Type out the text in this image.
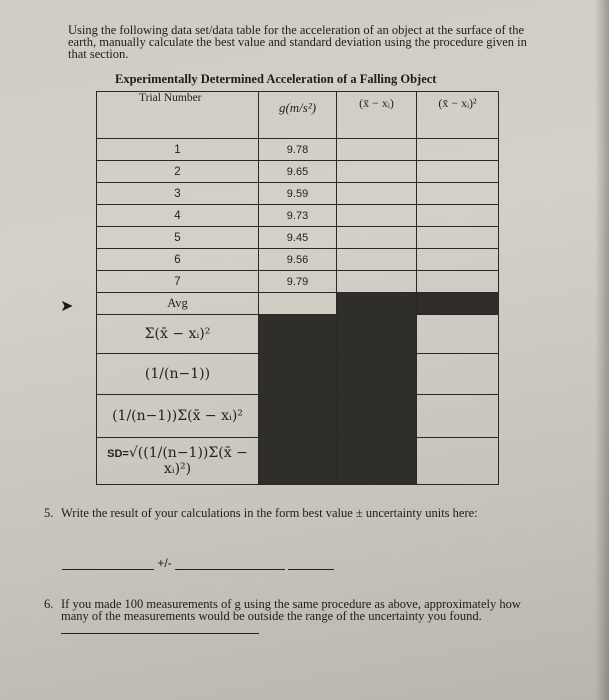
Using the following data set/data table for the acceleration of an object at the surface of the earth, manually calculate the best value and standard deviation using the procedure given in that section.
Experimentally Determined Acceleration of a Falling Object
➤
Trial Number	g(m/s²)	(x̄ − xᵢ)	(x̄ − xᵢ)²
1	9.78		
2	9.65		
3	9.59		
4	9.73		
5	9.45		
6	9.56		
7	9.79		
Avg			
Σ(x̄ − xᵢ)²			
(1/(n−1))			
(1/(n−1))Σ(x̄ − xᵢ)²			
SD=√((1/(n−1))Σ(x̄ − xᵢ)²)			
5. Write the result of your calculations in the form best value ± uncertainty units here:
+/-
6. If you made 100 measurements of g using the same procedure as above, approximately how many of the measurements would be outside the range of the uncertainty you found.
